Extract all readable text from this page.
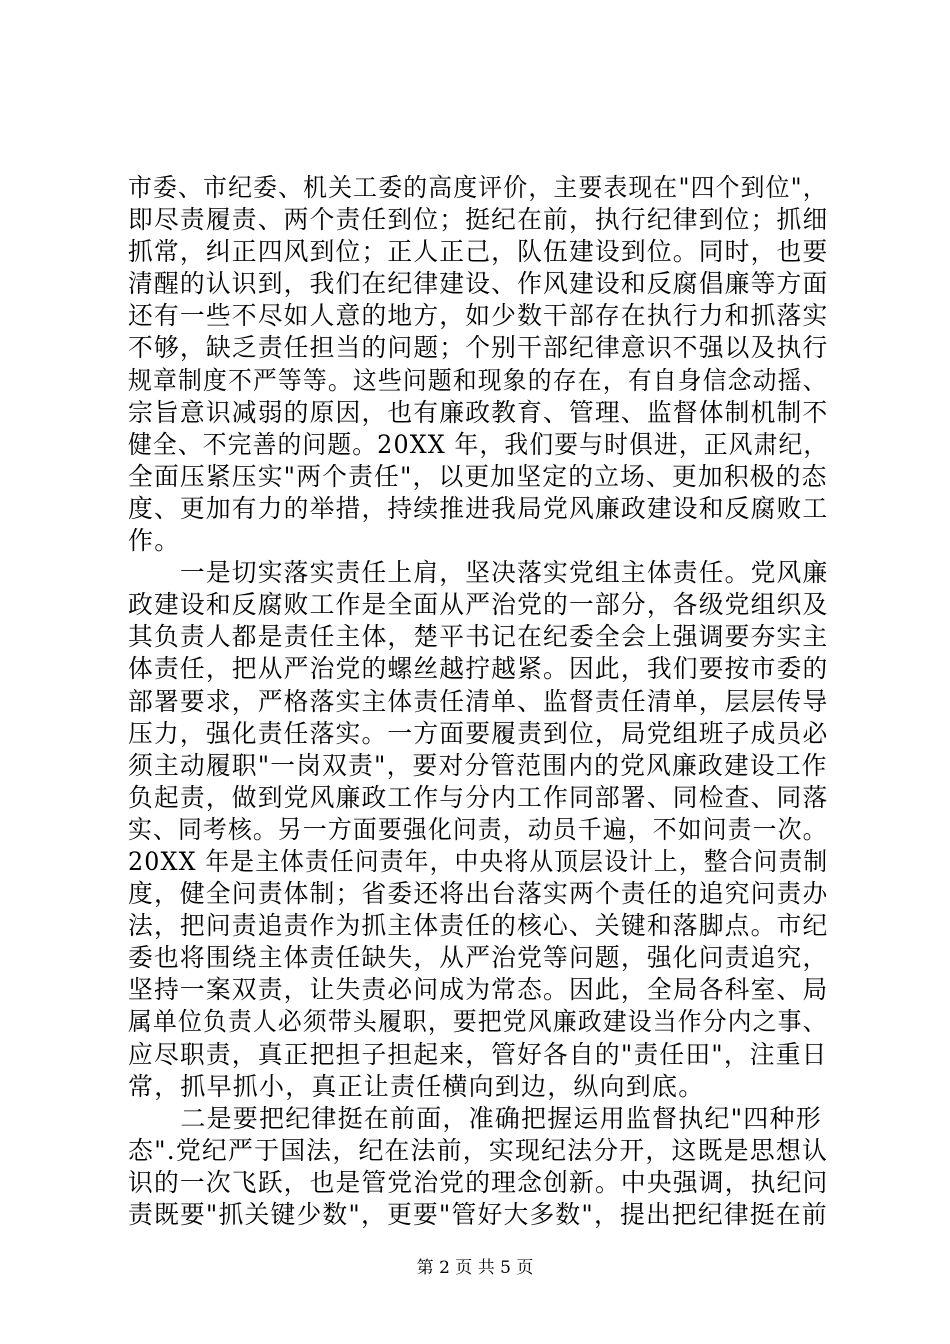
市委、市纪委、机关工委的高度评价，主要表现在"四个到位"，
即尽责履责、两个责任到位；挺纪在前，执行纪律到位；抓细
抓常，纠正四风到位；正人正己，队伍建设到位。同时，也要
清醒的认识到，我们在纪律建设、作风建设和反腐倡廉等方面
还有一些不尽如人意的地方，如少数干部存在执行力和抓落实
不够，缺乏责任担当的问题；个别干部纪律意识不强以及执行
规章制度不严等等。这些问题和现象的存在，有自身信念动摇、
宗旨意识减弱的原因，也有廉政教育、管理、监督体制机制不
健全、不完善的问题。20XX 年，我们要与时俱进，正风肃纪，
全面压紧压实"两个责任"，以更加坚定的立场、更加积极的态
度、更加有力的举措，持续推进我局党风廉政建设和反腐败工
作。
　　一是切实落实责任上肩，坚决落实党组主体责任。党风廉
政建设和反腐败工作是全面从严治党的一部分，各级党组织及
其负责人都是责任主体，楚平书记在纪委全会上强调要夯实主
体责任，把从严治党的螺丝越拧越紧。因此，我们要按市委的
部署要求，严格落实主体责任清单、监督责任清单，层层传导
压力，强化责任落实。一方面要履责到位，局党组班子成员必
须主动履职"一岗双责"，要对分管范围内的党风廉政建设工作
负起责，做到党风廉政工作与分内工作同部署、同检查、同落
实、同考核。另一方面要强化问责，动员千遍，不如问责一次。
20XX 年是主体责任问责年，中央将从顶层设计上，整合问责制
度，健全问责体制；省委还将出台落实两个责任的追究问责办
法，把问责追责作为抓主体责任的核心、关键和落脚点。市纪
委也将围绕主体责任缺失，从严治党等问题，强化问责追究，
坚持一案双责，让失责必问成为常态。因此，全局各科室、局
属单位负责人必须带头履职，要把党风廉政建设当作分内之事、
应尽职责，真正把担子担起来，管好各自的"责任田"，注重日
常，抓早抓小，真正让责任横向到边，纵向到底。
　　二是要把纪律挺在前面，准确把握运用监督执纪"四种形
态".党纪严于国法，纪在法前，实现纪法分开，这既是思想认
识的一次飞跃，也是管党治党的理念创新。中央强调，执纪问
责既要"抓关键少数"，更要"管好大多数"，提出把纪律挺在前
第 2 页 共 5 页
